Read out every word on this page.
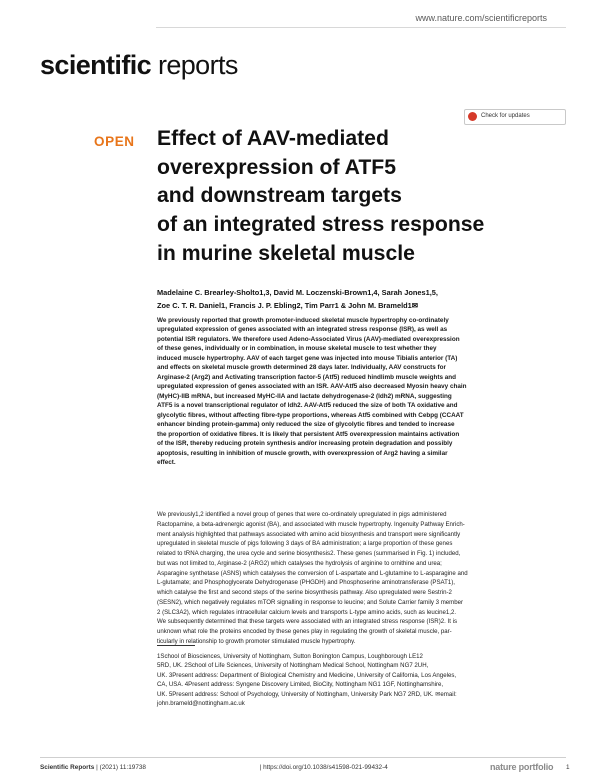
www.nature.com/scientificreports
scientific reports
OPEN
Check for updates
Effect of AAV-mediated
overexpression of ATF5
and downstream targets
of an integrated stress response
in murine skeletal muscle
Madelaine C. Brearley-Sholto1,3, David M. Loczenski-Brown1,4, Sarah Jones1,5,
Zoe C. T. R. Daniel1, Francis J. P. Ebling2, Tim Parr1 & John M. Brameld1✉
We previously reported that growth promoter-induced skeletal muscle hypertrophy co-ordinately
upregulated expression of genes associated with an integrated stress response (ISR), as well as
potential ISR regulators. We therefore used Adeno-Associated Virus (AAV)-mediated overexpression
of these genes, individually or in combination, in mouse skeletal muscle to test whether they
induced muscle hypertrophy. AAV of each target gene was injected into mouse Tibialis anterior (TA)
and effects on skeletal muscle growth determined 28 days later. Individually, AAV constructs for
Arginase-2 (Arg2) and Activating transcription factor-5 (Atf5) reduced hindlimb muscle weights and
upregulated expression of genes associated with an ISR. AAV-Atf5 also decreased Myosin heavy chain
(MyHC)-IIB mRNA, but increased MyHC-IIA and lactate dehydrogenase-2 (ldh2) mRNA, suggesting
ATF5 is a novel transcriptional regulator of ldh2. AAV-Atf5 reduced the size of both TA oxidative and
glycolytic fibres, without affecting fibre-type proportions, whereas Atf5 combined with Cebpg (CCAAT
enhancer binding protein-gamma) only reduced the size of glycolytic fibres and tended to increase
the proportion of oxidative fibres. It is likely that persistent Atf5 overexpression maintains activation
of the ISR, thereby reducing protein synthesis and/or increasing protein degradation and possibly
apoptosis, resulting in inhibition of muscle growth, with overexpression of Arg2 having a similar
effect.
We previously1,2 identified a novel group of genes that were co-ordinately upregulated in pigs administered
Ractopamine, a beta-adrenergic agonist (BA), and associated with muscle hypertrophy. Ingenuity Pathway Enrich-
ment analysis highlighted that pathways associated with amino acid biosynthesis and transport were significantly
upregulated in skeletal muscle of pigs following 3 days of BA administration; a large proportion of these genes
related to tRNA charging, the urea cycle and serine biosynthesis2. These genes (summarised in Fig. 1) included,
but was not limited to, Arginase-2 (ARG2) which catalyses the hydrolysis of arginine to ornithine and urea;
Asparagine synthetase (ASNS) which catalyses the conversion of L-aspartate and L-glutamine to L-asparagine and
L-glutamate; and Phosphoglycerate Dehydrogenase (PHGDH) and Phosphoserine aminotransferase (PSAT1),
which catalyse the first and second steps of the serine biosynthesis pathway. Also upregulated were Sestrin-2
(SESN2), which negatively regulates mTOR signalling in response to leucine; and Solute Carrier family 3 member
2 (SLC3A2), which regulates intracellular calcium levels and transports L-type amino acids, such as leucine1,2.
We subsequently determined that these targets were associated with an integrated stress response (ISR)2. It is
unknown what role the proteins encoded by these genes play in regulating the growth of skeletal muscle, par-
ticularly in relationship to growth promoter stimulated muscle hypertrophy.
1School of Biosciences, University of Nottingham, Sutton Bonington Campus, Loughborough LE12
5RD, UK. 2School of Life Sciences, University of Nottingham Medical School, Nottingham NG7 2UH,
UK. 3Present address: Department of Biological Chemistry and Medicine, University of California, Los Angeles,
CA, USA. 4Present address: Syngene Discovery Limited, BioCity, Nottingham NG1 1GF, Nottinghamshire,
UK. 5Present address: School of Psychology, University of Nottingham, University Park NG7 2RD, UK. ✉email:
john.brameld@nottingham.ac.uk
Scientific Reports | (2021) 11:19738                                                                | https://doi.org/10.1038/s41598-021-99432-4	nature portfolio 1
